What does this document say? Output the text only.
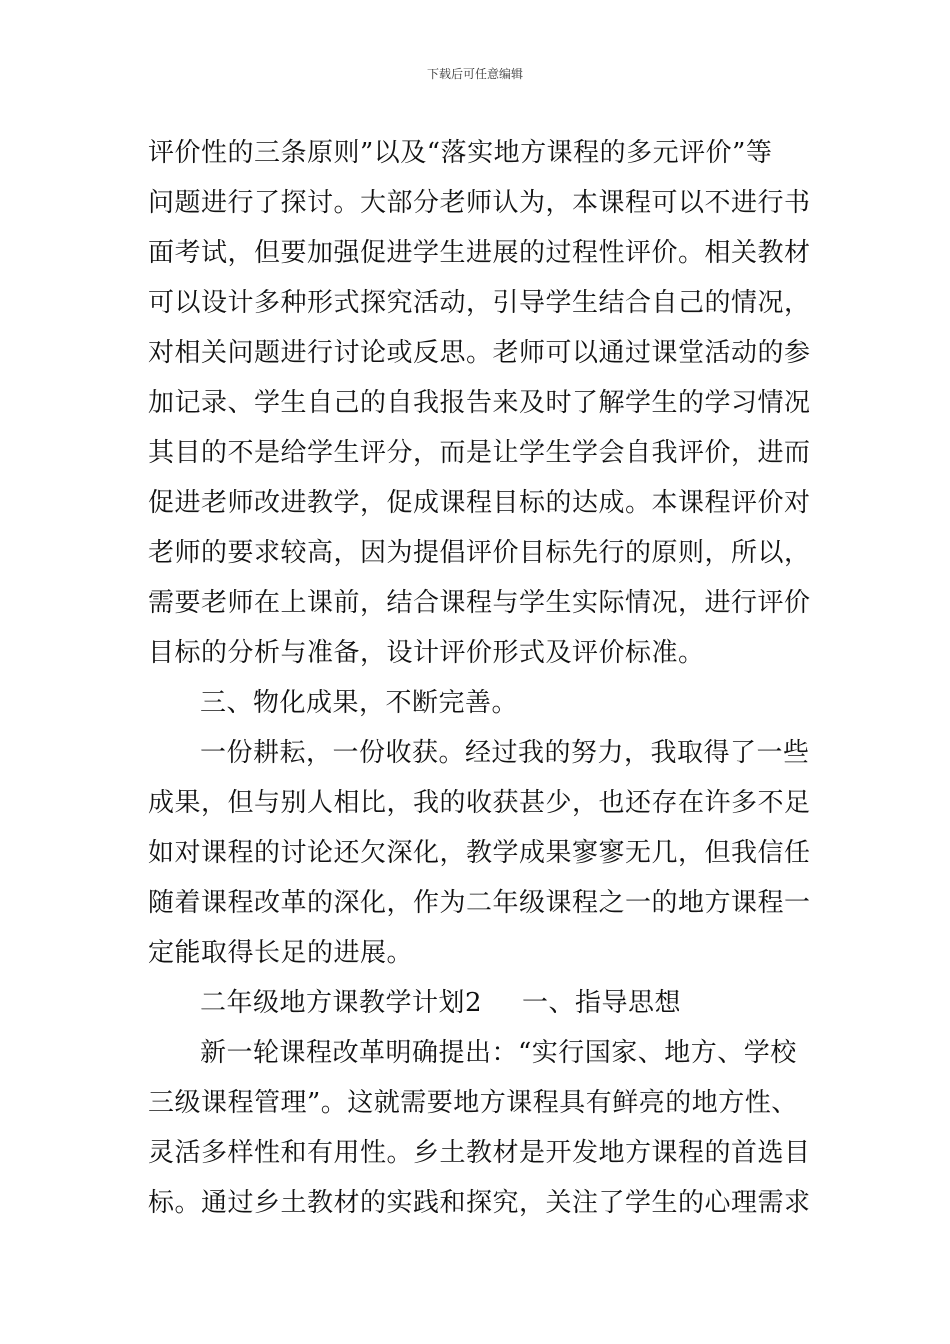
下载后可任意编辑
评价性的三条原则”以及“落实地方课程的多元评价”等
问题进行了探讨。大部分老师认为，本课程可以不进行书
面考试，但要加强促进学生进展的过程性评价。相关教材
可以设计多种形式探究活动，引导学生结合自己的情况，
对相关问题进行讨论或反思。老师可以通过课堂活动的参
加记录、学生自己的自我报告来及时了解学生的学习情况
其目的不是给学生评分，而是让学生学会自我评价，进而
促进老师改进教学，促成课程目标的达成。本课程评价对
老师的要求较高，因为提倡评价目标先行的原则，所以，
需要老师在上课前，结合课程与学生实际情况，进行评价
目标的分析与准备，设计评价形式及评价标准。
三、物化成果，不断完善。
一份耕耘，一份收获。经过我的努力，我取得了一些
成果，但与别人相比，我的收获甚少，也还存在许多不足
如对课程的讨论还欠深化，教学成果寥寥无几，但我信任
随着课程改革的深化，作为二年级课程之一的地方课程一
定能取得长足的进展。
二年级地方课教学计划2 一、指导思想
新一轮课程改革明确提出：“实行国家、地方、学校
三级课程管理”。这就需要地方课程具有鲜亮的地方性、
灵活多样性和有用性。乡土教材是开发地方课程的首选目
标。通过乡土教材的实践和探究，关注了学生的心理需求
